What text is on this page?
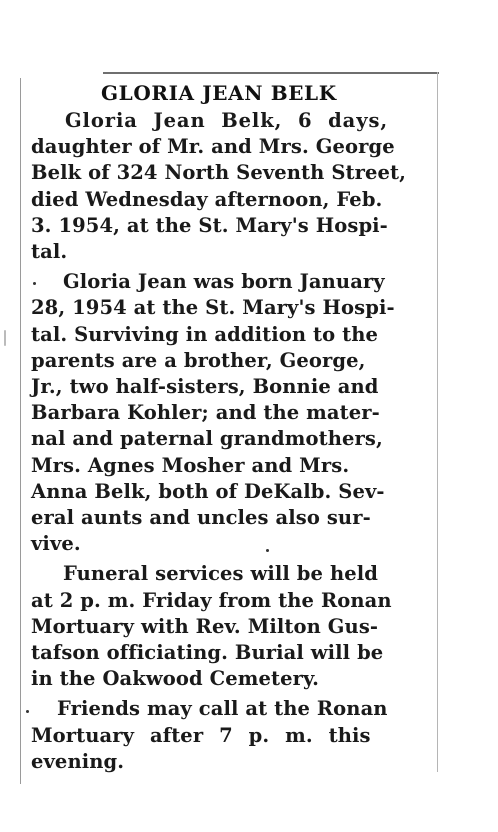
GLORIA JEAN BELK

Gloria Jean Belk, 6 days,

daughter of Mr. and Mrs. George

Belk of 324 North Seventh Street,

died Wednesday afternoon, Feb.

3. 1954, at the St. Mary's Hospi-

tal.

Gloria Jean was born January

28, 1954 at the St. Mary's Hospi-

tal. Surviving in addition to the

parents are a brother, George,

Jr., two half-sisters, Bonnie and

Barbara Kohler; and the mater-

nal and paternal grandmothers,

Mrs. Agnes Mosher and Mrs.

Anna Belk, both of DeKalb. Sev-

eral aunts and uncles also sur-

vive.

Funeral services will be held

at 2 p. m. Friday from the Ronan

Mortuary with Rev. Milton Gus-

tafson officiating. Burial will be

in the Oakwood Cemetery.

Friends may call at the Ronan

Mortuary after 7 p. m. this

evening.
